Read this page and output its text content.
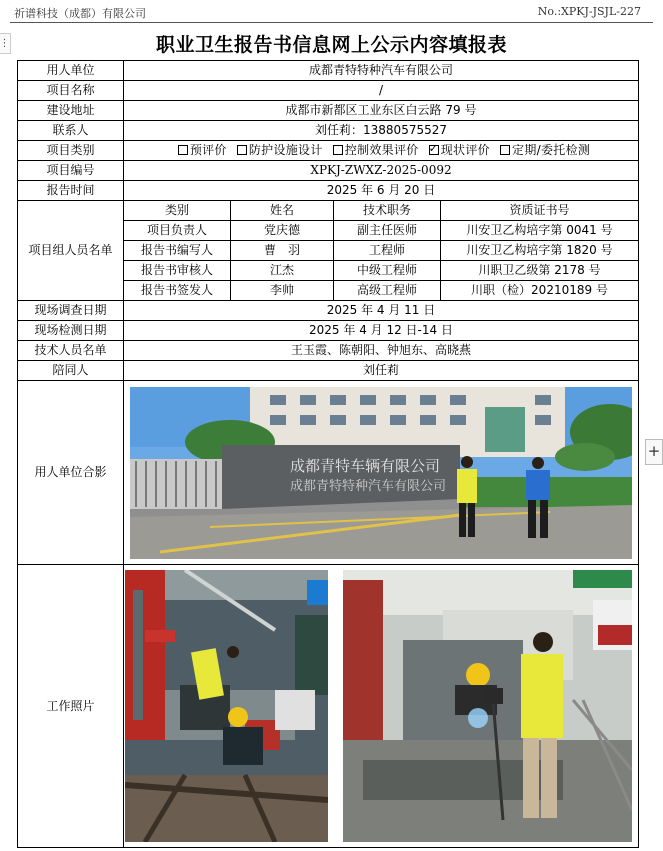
祈谱科技（成都）有限公司	No.:XPKJ-JSJL-227
⋮
+
职业卫生报告书信息网上公示内容填报表
用人单位	成都青特特种汽车有限公司			
项目名称	/			
建设地址	成都市新都区工业东区白云路 79 号			
联系人	刘任莉：13880575527			
项目类别	预评价 防护设施设计 控制效果评价 ✓ 现状评价 定期/委托检测
项目编号	XPKJ-ZWXZ-2025-0092			
报告时间	2025 年 6 月 20 日			
项目组人员名单	类别	姓名	技术职务	资质证书号
	项目负责人	党庆德	副主任医师	川安卫乙构培字第 0041 号
	报告书编写人	曹　羽	工程师	川安卫乙构培字第 1820 号
	报告书审核人	江杰	中级工程师	川职卫乙级第 2178 号
	报告书签发人	李帅	高级工程师	川职（检）20210189 号
现场调查日期	2025 年 4 月 11 日			
现场检测日期	2025 年 4 月 12 日-14 日			
技术人员名单	王玉霞、陈朝阳、钟旭东、高晓燕			
陪同人	刘任莉			
用人单位合影	成都青特车辆有限公司
成都青特特种汽车有限公司			

工作照片	
